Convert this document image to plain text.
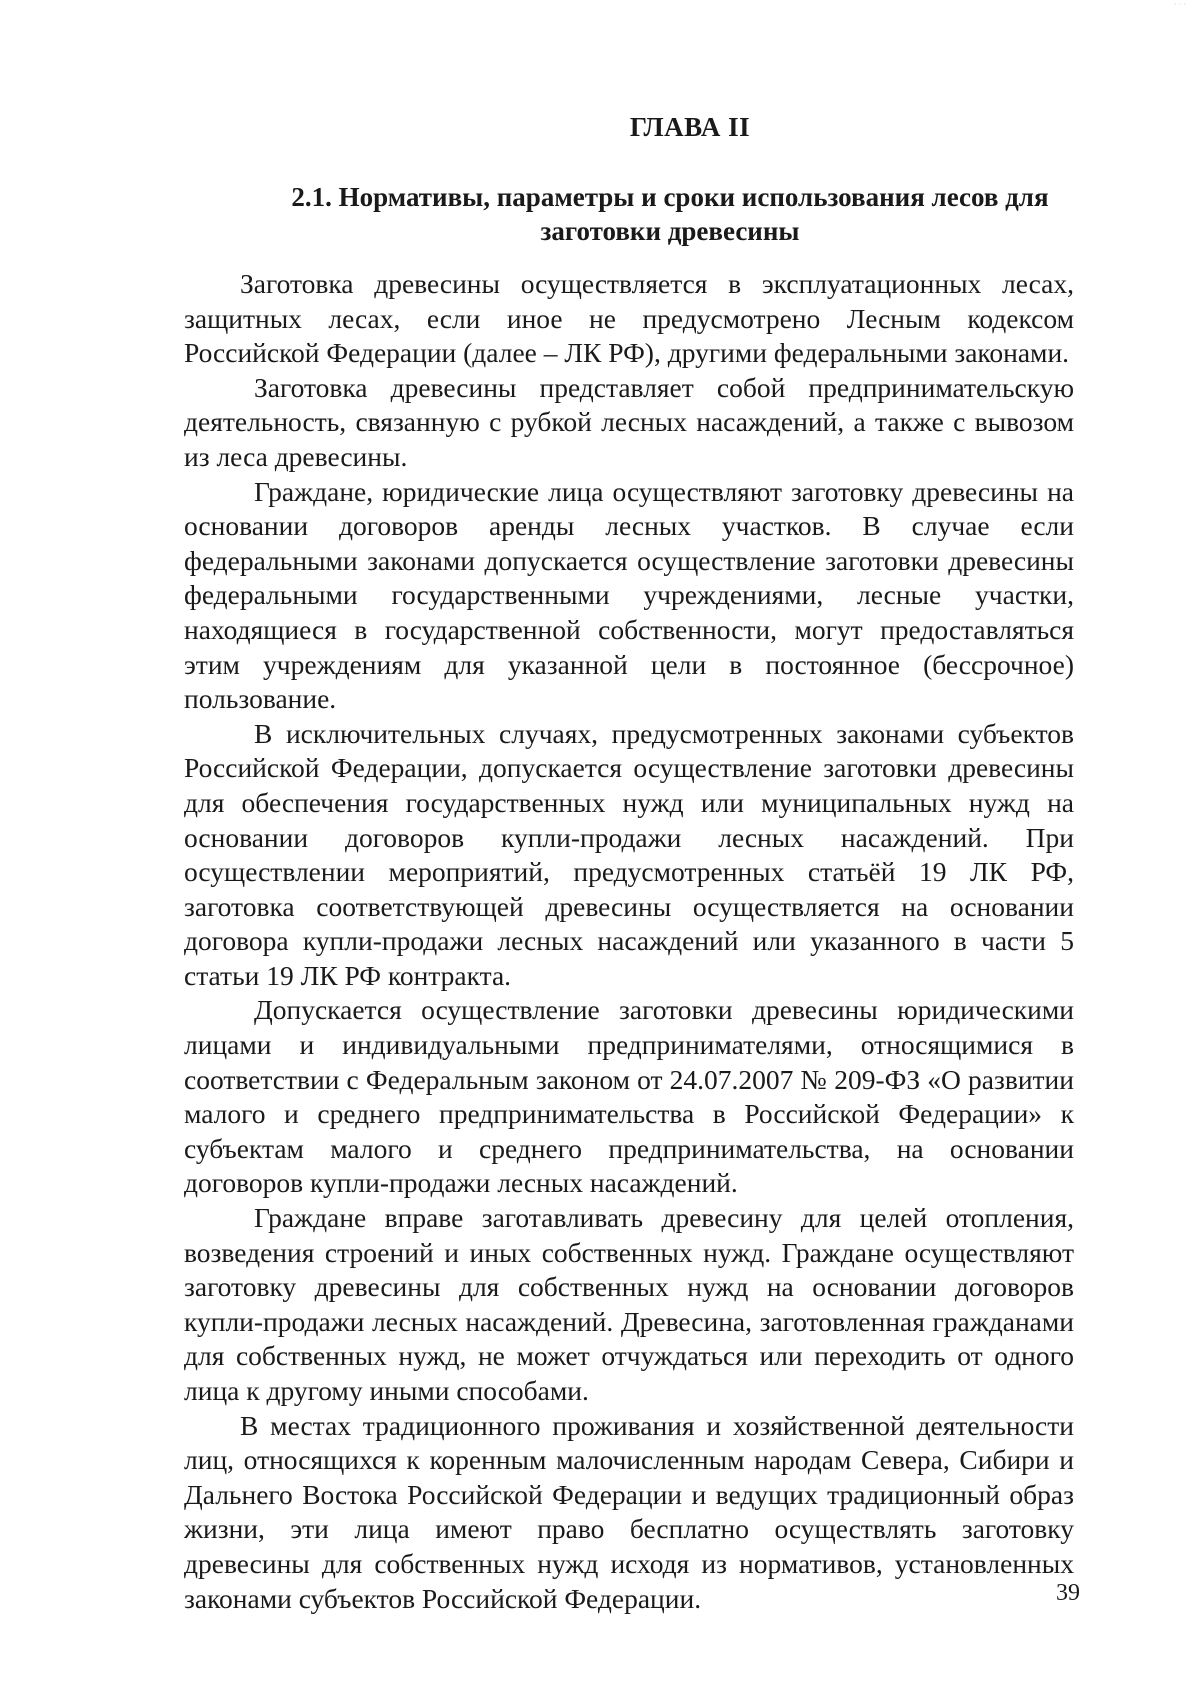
· · ·
ГЛАВА II
2.1. Нормативы, параметры и сроки использования лесов для
заготовки древесины

Заготовка древесины осуществляется в эксплуатационных лесах, защитных лесах, если иное не предусмотрено Лесным кодексом Российской Федерации (далее – ЛК РФ), другими федеральными законами.

Заготовка древесины представляет собой предпринимательскую деятельность, связанную с рубкой лесных насаждений, а также с вывозом из леса древесины.

Граждане, юридические лица осуществляют заготовку древесины на основании договоров аренды лесных участков. В случае если федеральными законами допускается осуществление заготовки древесины федеральными государственными учреждениями, лесные участки, находящиеся в государственной собственности, могут предоставляться этим учреждениям для указанной цели в постоянное (бессрочное) пользование.

В исключительных случаях, предусмотренных законами субъектов Российской Федерации, допускается осуществление заготовки древесины для обеспечения государственных нужд или муниципальных нужд на основании договоров купли-продажи лесных насаждений. При осуществлении мероприятий, предусмотренных статьёй 19 ЛК РФ, заготовка соответствующей древесины осуществляется на основании договора купли-продажи лесных насаждений или указанного в части 5 статьи 19 ЛК РФ контракта.

Допускается осуществление заготовки древесины юридическими лицами и индивидуальными предпринимателями, относящимися в соответствии с Федеральным законом от 24.07.2007 № 209-ФЗ «О развитии малого и среднего предпринимательства в Российской Федерации» к субъектам малого и среднего предпринимательства, на основании договоров купли-продажи лесных насаждений.

Граждане вправе заготавливать древесину для целей отопления, возведения строений и иных собственных нужд. Граждане осуществляют заготовку древесины для собственных нужд на основании договоров купли-продажи лесных насаждений. Древесина, заготовленная гражданами для собственных нужд, не может отчуждаться или переходить от одного лица к другому иными способами.

В местах традиционного проживания и хозяйственной деятельности лиц, относящихся к коренным малочисленным народам Севера, Сибири и Дальнего Востока Российской Федерации и ведущих традиционный образ жизни, эти лица имеют право бесплатно осуществлять заготовку древесины для собственных нужд исходя из нормативов, установленных законами субъектов Российской Федерации.	39
